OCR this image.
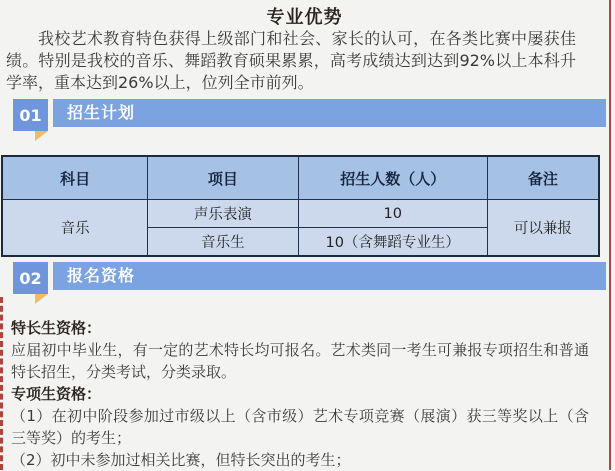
专业优势
我校艺术教育特色获得上级部门和社会、家长的认可，在各类比赛中屡获佳绩。特别是我校的音乐、舞蹈教育硕果累累，高考成绩达到达到92%以上本科升学率，重本达到26%以上，位列全市前列。
01	招生计划
科目	项目	招生人数（人）	备注
音乐	声乐表演	10	可以兼报
	音乐生	10（含舞蹈专业生）	
02	报名资格

特长生资格：

应届初中毕业生，有一定的艺术特长均可报名。艺术类同一考生可兼报专项招生和普通特长招生，分类考试，分类录取。

专项生资格：

（1）在初中阶段参加过市级以上（含市级）艺术专项竞赛（展演）获三等奖以上（含三等奖）的考生；

（2）初中未参加过相关比赛，但特长突出的考生；
